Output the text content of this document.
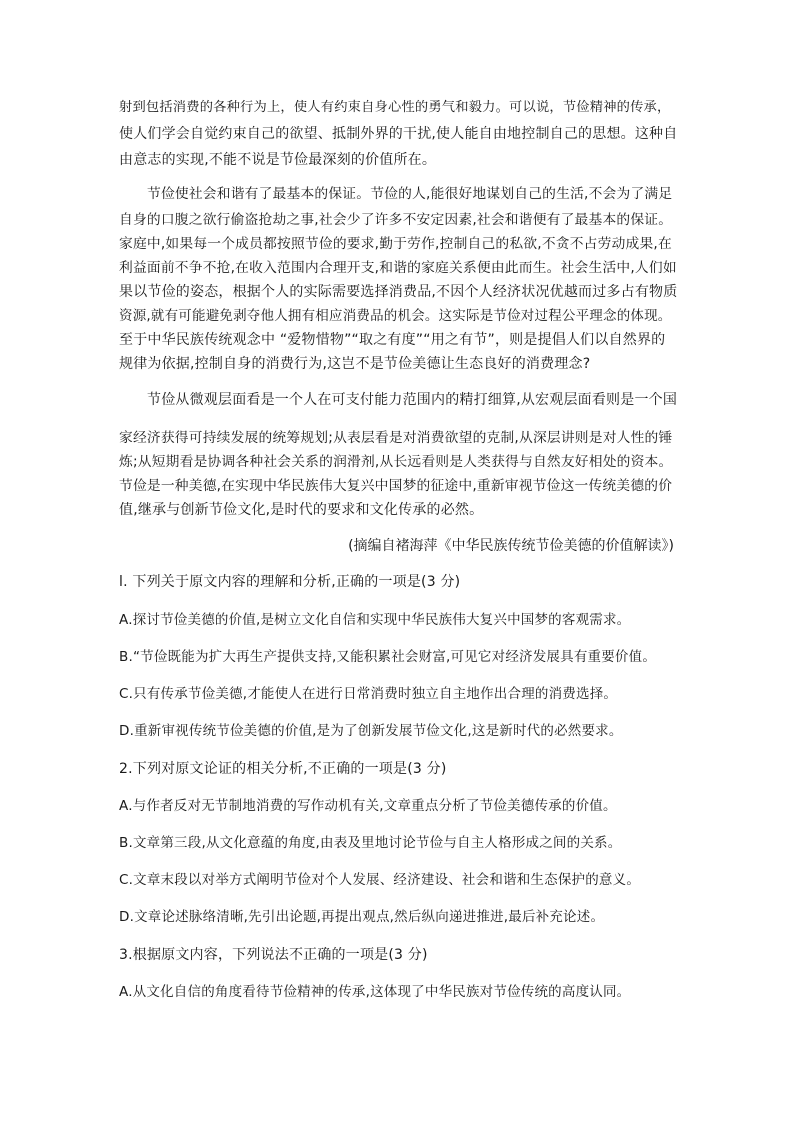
射到包括消费的各种行为上，使人有约束自身心性的勇气和毅力。可以说，节俭精神的传承，
使人们学会自觉约束自己的欲望、抵制外界的干扰,使人能自由地控制自己的思想。这种自
由意志的实现,不能不说是节俭最深刻的价值所在。
节俭使社会和谐有了最基本的保证。节俭的人,能很好地谋划自己的生活,不会为了满足
自身的口腹之欲行偷盗抢劫之事,社会少了许多不安定因素,社会和谐便有了最基本的保证。
家庭中,如果每一个成员都按照节俭的要求,勤于劳作,控制自己的私欲,不贪不占劳动成果,在
利益面前不争不抢,在收入范围内合理开支,和谐的家庭关系便由此而生。社会生活中,人们如
果以节俭的姿态，根据个人的实际需要选择消费品,不因个人经济状况优越而过多占有物质
资源,就有可能避免剥夺他人拥有相应消费品的机会。这实际是节俭对过程公平理念的体现。
至于中华民族传统观念中 “爱物惜物”“取之有度”“用之有节”，则是提倡人们以自然界的
规律为依据,控制自身的消费行为,这岂不是节俭美德让生态良好的消费理念?
节俭从微观层面看是一个人在可支付能力范围内的精打细算,从宏观层面看则是一个国
家经济获得可持续发展的统筹规划;从表层看是对消费欲望的克制,从深层讲则是对人性的锤
炼;从短期看是协调各种社会关系的润滑剂,从长远看则是人类获得与自然友好相处的资本。
节俭是一种美德,在实现中华民族伟大复兴中国梦的征途中,重新审视节俭这一传统美德的价
值,继承与创新节俭文化,是时代的要求和文化传承的必然。
(摘编自褚海萍《中华民族传统节俭美德的价值解读》)
l. 下列关于原文内容的理解和分析,正确的一项是(3 分)
A.探讨节俭美德的价值,是树立文化自信和实现中华民族伟大复兴中国梦的客观需求。
B.“节俭既能为扩大再生产提供支持,又能积累社会财富,可见它对经济发展具有重要价值。
C.只有传承节俭美德,才能使人在进行日常消费时独立自主地作出合理的消费选择。
D.重新审视传统节俭美德的价值,是为了创新发展节俭文化,这是新时代的必然要求。
2.下列对原文论证的相关分析,不正确的一项是(3 分)
A.与作者反对无节制地消费的写作动机有关,文章重点分析了节俭美德传承的价值。
B.文章第三段,从文化意蕴的角度,由表及里地讨论节俭与自主人格形成之间的关系。
C.文章末段以对举方式阐明节俭对个人发展、经济建设、社会和谐和生态保护的意义。
D.文章论述脉络清晰,先引出论题,再提出观点,然后纵向递进推进,最后补充论述。
3.根据原文内容，下列说法不正确的一项是(3 分)
A.从文化自信的角度看待节俭精神的传承,这体现了中华民族对节俭传统的高度认同。
